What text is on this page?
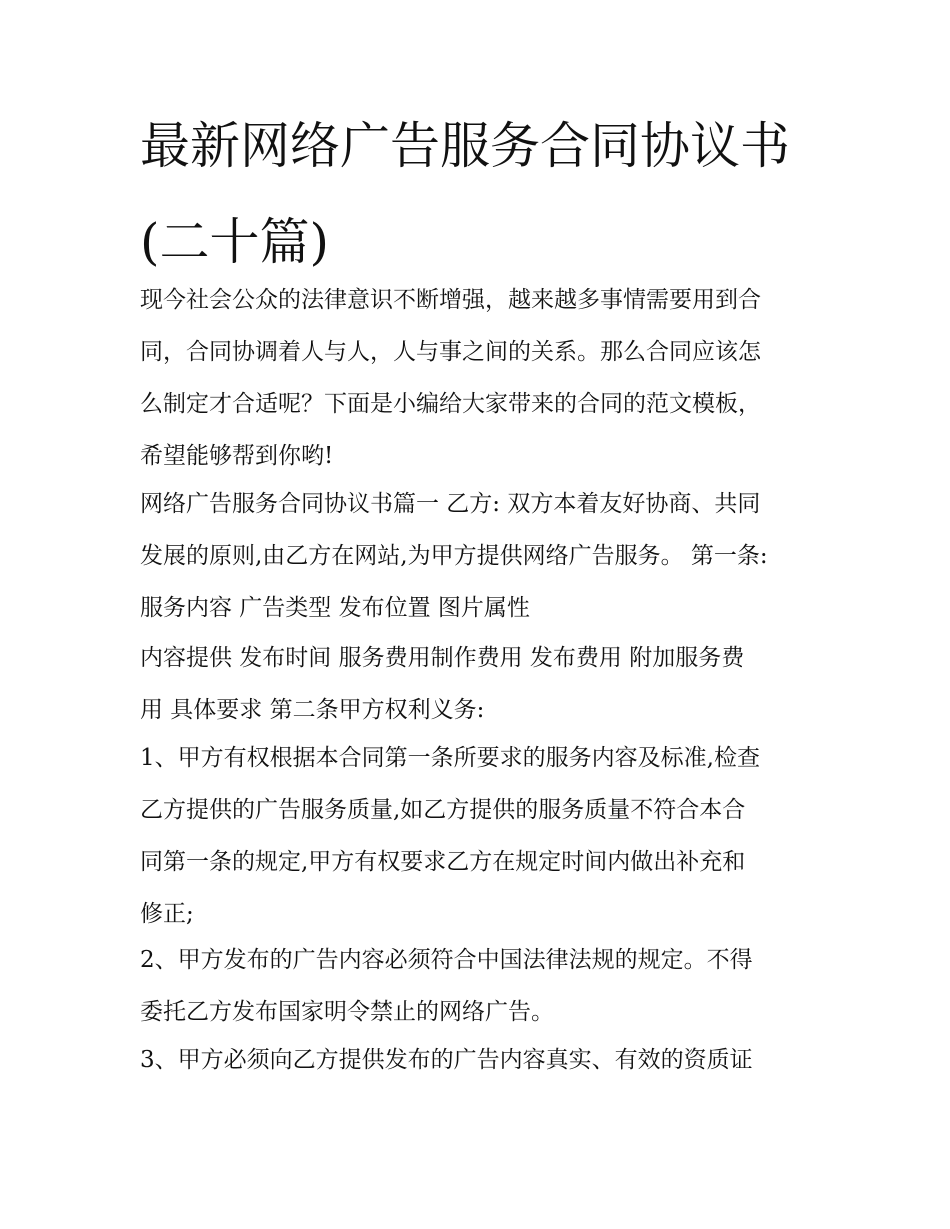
最新网络广告服务合同协议书
(二十篇)
现今社会公众的法律意识不断增强，越来越多事情需要用到合
同，合同协调着人与人，人与事之间的关系。那么合同应该怎
么制定才合适呢？下面是小编给大家带来的合同的范文模板，
希望能够帮到你哟!
网络广告服务合同协议书篇一 乙方: 双方本着友好协商、共同
发展的原则,由乙方在网站,为甲方提供网络广告服务。 第一条:
服务内容 广告类型 发布位置 图片属性
内容提供 发布时间 服务费用制作费用 发布费用 附加服务费
用 具体要求 第二条甲方权利义务:
1、甲方有权根据本合同第一条所要求的服务内容及标准,检查
乙方提供的广告服务质量,如乙方提供的服务质量不符合本合
同第一条的规定,甲方有权要求乙方在规定时间内做出补充和
修正;
2、甲方发布的广告内容必须符合中国法律法规的规定。不得
委托乙方发布国家明令禁止的网络广告。
3、甲方必须向乙方提供发布的广告内容真实、有效的资质证
